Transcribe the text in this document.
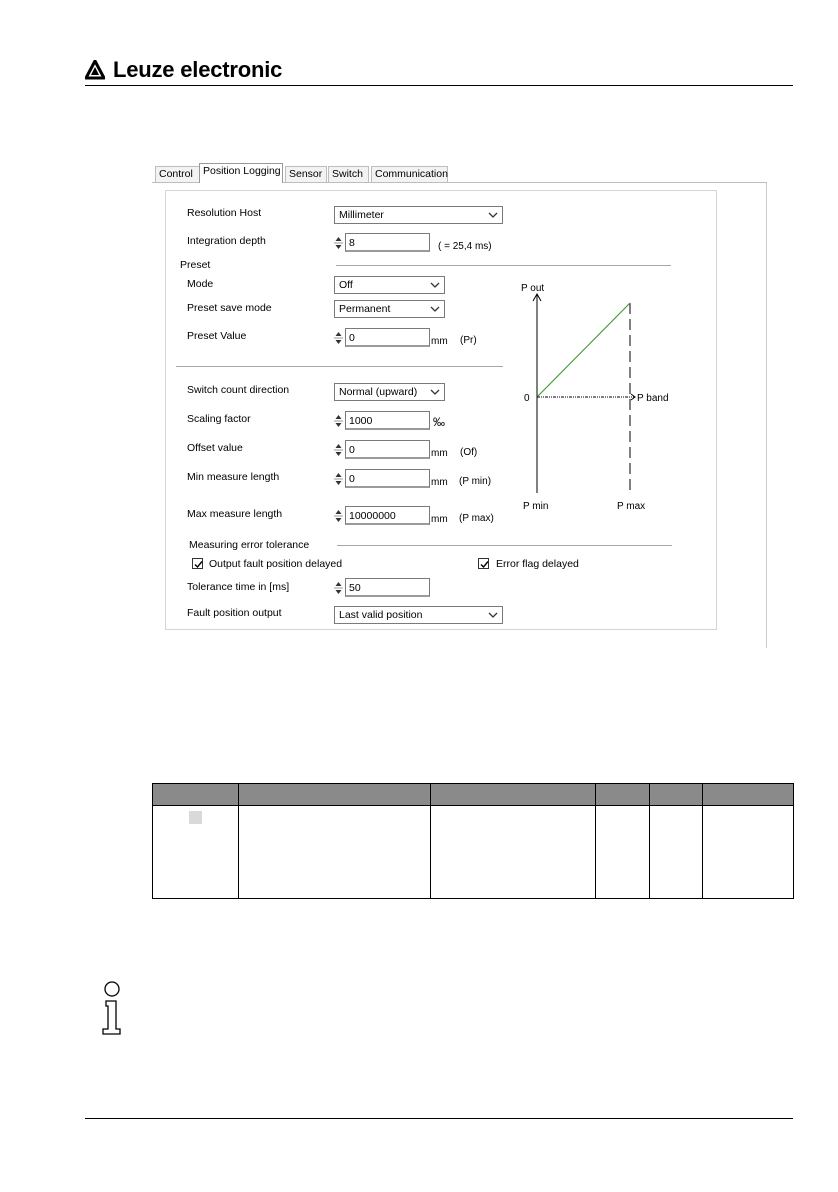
Leuze electronic
Control Position Logging Sensor Switch	Communication
Resolution Host	Millimeter
Integration depth	8	( = 25,4 ms)
Preset
Mode	Off
Preset save mode	Permanent
Preset Value	0	mm (Pr)
Switch count direction	Normal (upward)
Scaling factor	1000	‰
Offset value	0	mm (Of)
Min measure length	0	mm (P min)
Max measure length	10000000	mm (P max)
Measuring error tolerance
Output fault position delayed	Error flag delayed
Tolerance time in [ms]	50
Fault position output	Last valid position
P out
0	P band
P min	P max
